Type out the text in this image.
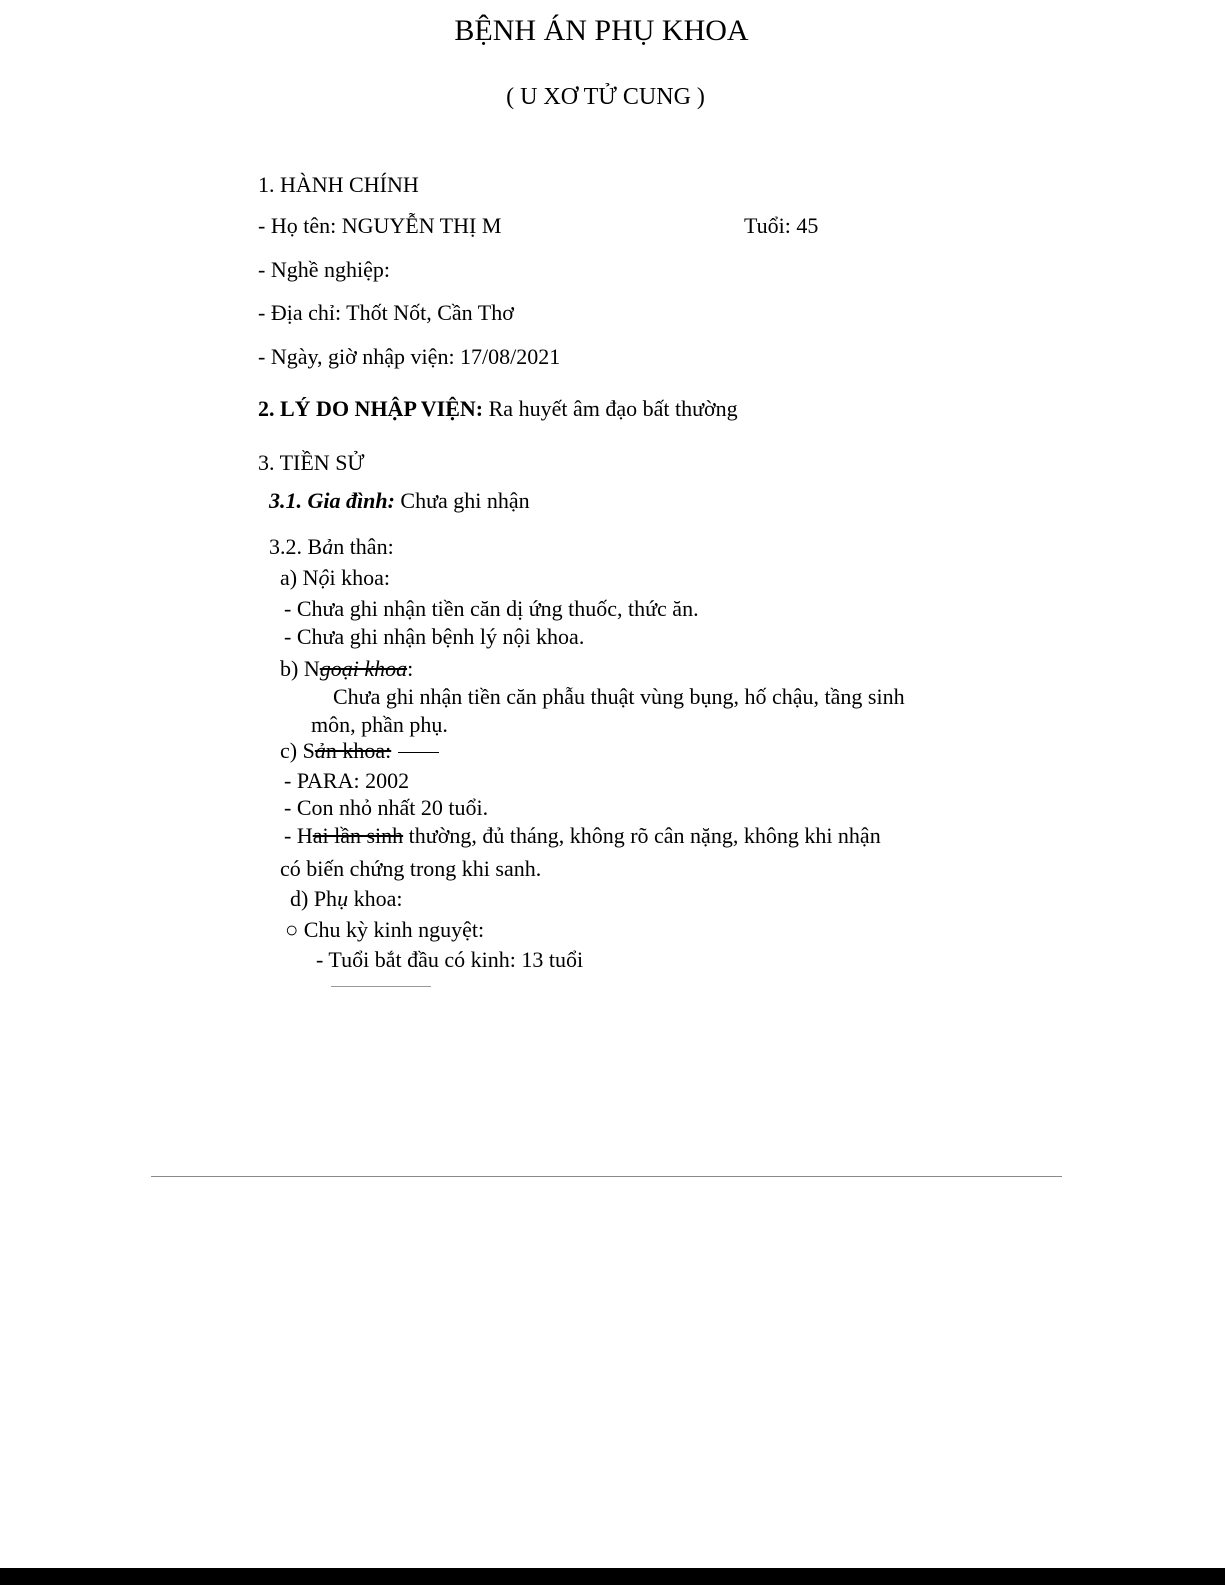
BỆNH ÁN PHỤ KHOA
( U XƠ TỬ CUNG )
1. HÀNH CHÍNH
- Họ tên: NGUYỄN THỊ M	Tuổi: 45
- Nghề nghiệp:
- Địa chỉ: Thốt Nốt, Cần Thơ
- Ngày, giờ nhập viện: 17/08/2021
2. LÝ DO NHẬP VIỆN: Ra huyết âm đạo bất thường
3. TIỀN SỬ
3.1. Gia đình: Chưa ghi nhận
3.2. Bản thân:
a) Nội khoa:
- Chưa ghi nhận tiền căn dị ứng thuốc, thức ăn.
- Chưa ghi nhận bệnh lý nội khoa.
b) Ngoại khoa:
Chưa ghi nhận tiền căn phẫu thuật vùng bụng, hố chậu, tầng sinh
môn, phần phụ.
c) Sản khoa:
- PARA: 2002
- Con nhỏ nhất 20 tuổi.
- Hai lần sinh thường, đủ tháng, không rõ cân nặng, không khi nhận
có biến chứng trong khi sanh.
d) Phụ khoa:
○ Chu kỳ kinh nguyệt:
- Tuổi bắt đầu có kinh: 13 tuổi
